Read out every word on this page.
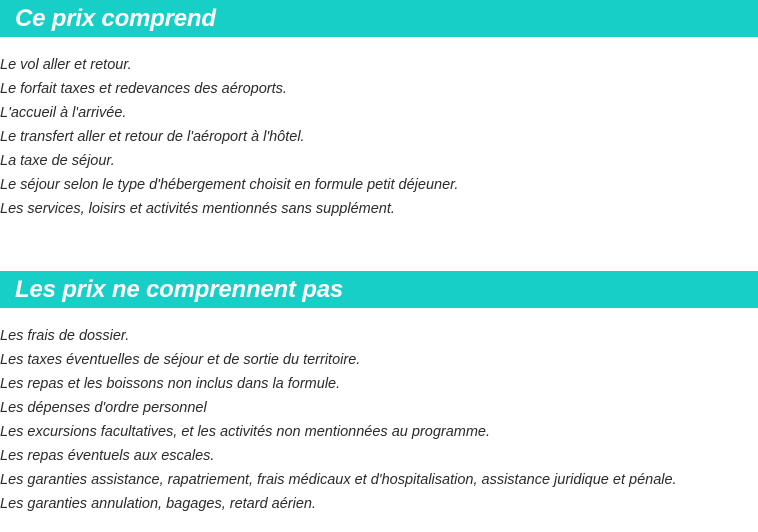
Ce prix comprend
Le vol aller et retour.
Le forfait taxes et redevances des aéroports.
L'accueil à l'arrivée.
Le transfert aller et retour de l'aéroport à l'hôtel.
La taxe de séjour.
Le séjour selon le type d'hébergement choisit en formule petit déjeuner.
Les services, loisirs et activités mentionnés sans supplément.
Les prix ne comprennent pas
Les frais de dossier.
Les taxes éventuelles de séjour et de sortie du territoire.
Les repas et les boissons non inclus dans la formule.
Les dépenses d'ordre personnel
Les excursions facultatives, et les activités non mentionnées au programme.
Les repas éventuels aux escales.
Les garanties assistance, rapatriement, frais médicaux et d'hospitalisation, assistance juridique et pénale.
Les garanties annulation, bagages, retard aérien.
